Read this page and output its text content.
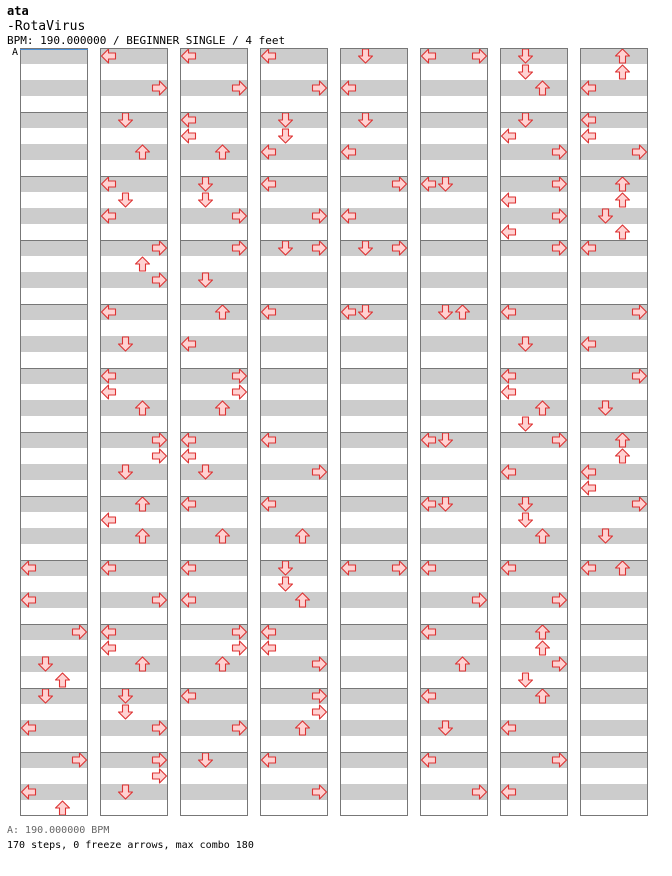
ata
-RotaVirus
BPM: 190.000000 / BEGINNER SINGLE / 4 feet
A
A: 190.000000 BPM
170 steps, 0 freeze arrows, max combo 180
